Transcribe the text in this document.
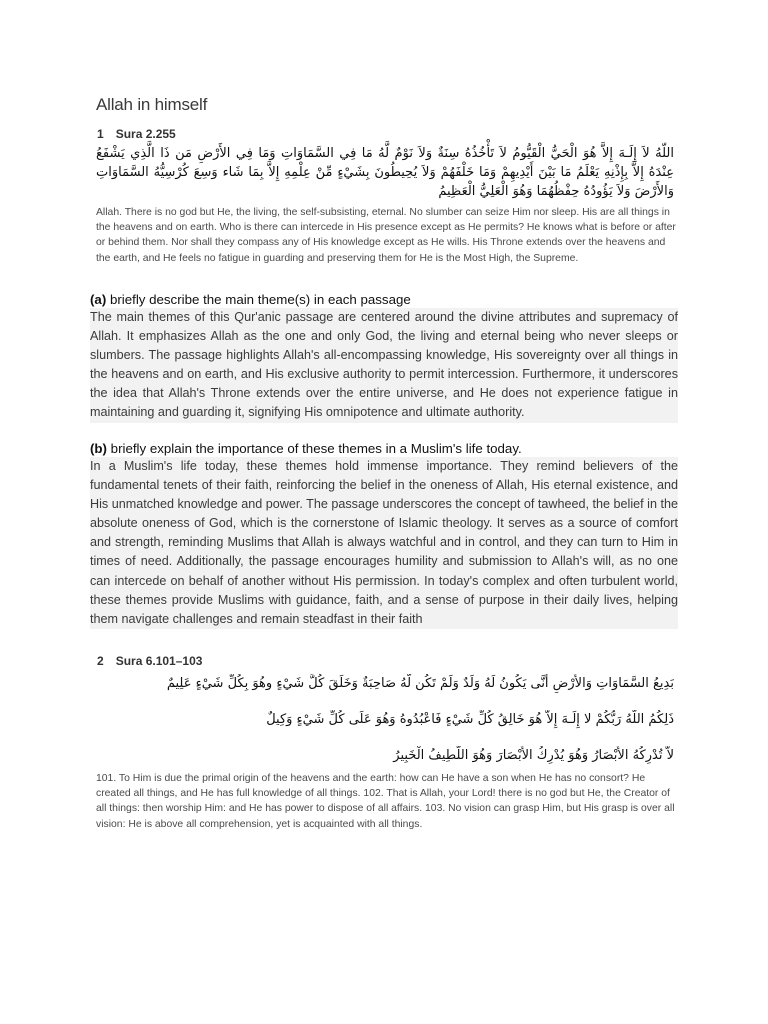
Allah in himself
1 Sura 2.255
اللّهُ لاَ إِلَـهَ إِلاَّ هُوَ الْحَيُّ الْقَيُّومُ لاَ تَأْخُذُهُ سِنَةٌ وَلاَ نَوْمٌ لَّهُ مَا فِي السَّمَاوَاتِ وَمَا فِي الأَرْضِ مَن ذَا الَّذِي يَشْفَعُ عِنْدَهُ إِلاَّ بِإِذْنِهِ يَعْلَمُ مَا بَيْنَ أَيْدِيهِمْ وَمَا خَلْفَهُمْ وَلاَ يُحِيطُونَ بِشَيْءٍ مِّنْ عِلْمِهِ إِلاَّ بِمَا شَاء وَسِعَ كُرْسِيُّهُ السَّمَاوَاتِ وَالأَرْضَ وَلاَ يَؤُودُهُ حِفْظُهُمَا وَهُوَ الْعَلِيُّ الْعَظِيمُ
Allah. There is no god but He, the living, the self-subsisting, eternal. No slumber can seize Him nor sleep. His are all things in the heavens and on earth. Who is there can intercede in His presence except as He permits? He knows what is before or after or behind them. Nor shall they compass any of His knowledge except as He wills. His Throne extends over the heavens and the earth, and He feels no fatigue in guarding and preserving them for He is the Most High, the Supreme.
(a) briefly describe the main theme(s) in each passage
The main themes of this Qur'anic passage are centered around the divine attributes and supremacy of Allah. It emphasizes Allah as the one and only God, the living and eternal being who never sleeps or slumbers. The passage highlights Allah's all-encompassing knowledge, His sovereignty over all things in the heavens and on earth, and His exclusive authority to permit intercession. Furthermore, it underscores the idea that Allah's Throne extends over the entire universe, and He does not experience fatigue in maintaining and guarding it, signifying His omnipotence and ultimate authority.
(b) briefly explain the importance of these themes in a Muslim's life today.
In a Muslim's life today, these themes hold immense importance. They remind believers of the fundamental tenets of their faith, reinforcing the belief in the oneness of Allah, His eternal existence, and His unmatched knowledge and power. The passage underscores the concept of tawheed, the belief in the absolute oneness of God, which is the cornerstone of Islamic theology. It serves as a source of comfort and strength, reminding Muslims that Allah is always watchful and in control, and they can turn to Him in times of need. Additionally, the passage encourages humility and submission to Allah's will, as no one can intercede on behalf of another without His permission. In today's complex and often turbulent world, these themes provide Muslims with guidance, faith, and a sense of purpose in their daily lives, helping them navigate challenges and remain steadfast in their faith
2 Sura 6.101–103
بَدِيعُ السَّمَاوَاتِ وَالأَرْضِ أَنَّى يَكُونُ لَهُ وَلَدٌ وَلَمْ تَكُن لَّهُ صَاحِبَةٌ وَخَلَقَ كُلَّ شَيْءٍ وهُوَ بِكُلِّ شَيْءٍ عَلِيمٌ
ذَلِكُمُ اللّهُ رَبُّكُمْ لا إِلَـهَ إِلاَّ هُوَ خَالِقُ كُلِّ شَيْءٍ فَاعْبُدُوهُ وَهُوَ عَلَى كُلِّ شَيْءٍ وَكِيلٌ
لاَّ تُدْرِكُهُ الأَبْصَارُ وَهُوَ يُدْرِكُ الأَبْصَارَ وَهُوَ اللَّطِيفُ الْخَبِيرُ
101. To Him is due the primal origin of the heavens and the earth: how can He have a son when He has no consort? He created all things, and He has full knowledge of all things. 102. That is Allah, your Lord! there is no god but He, the Creator of all things: then worship Him: and He has power to dispose of all affairs. 103. No vision can grasp Him, but His grasp is over all vision: He is above all comprehension, yet is acquainted with all things.
